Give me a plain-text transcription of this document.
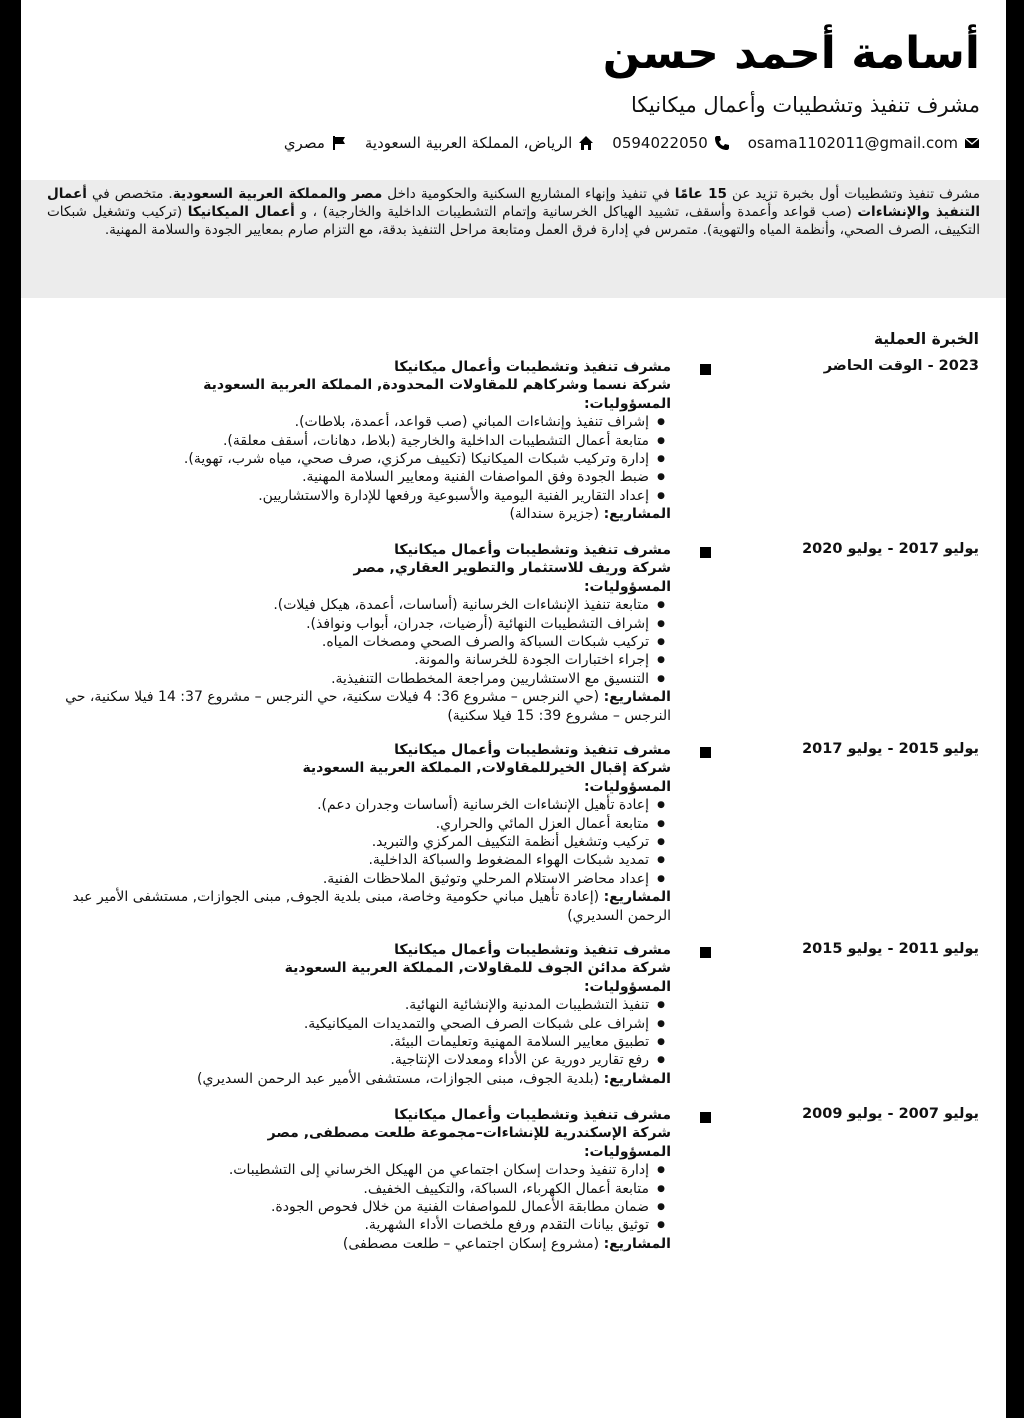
أسامة أحمد حسن
مشرف تنفيذ وتشطيبات وأعمال ميكانيكا
osama1102011@gmail.com
0594022050
الرياض، المملكة العربية السعودية
مصري
مشرف تنفيذ وتشطيبات أول بخبرة تزيد عن 15 عامًا في تنفيذ وإنهاء المشاريع السكنية والحكومية داخل مصر والمملكة العربية السعودية. متخصص في أعمال التنفيذ والإنشاءات (صب قواعد وأعمدة وأسقف، تشييد الهياكل الخرسانية وإتمام التشطيبات الداخلية والخارجية) ، و أعمال الميكانيكا (تركيب وتشغيل شبكات التكييف، الصرف الصحي، وأنظمة المياه والتهوية). متمرس في إدارة فرق العمل ومتابعة مراحل التنفيذ بدقة، مع التزام صارم بمعايير الجودة والسلامة المهنية.
الخبرة العملية
2023 - الوقت الحاضر
مشرف تنفيذ وتشطيبات وأعمال ميكانيكا
شركة نسما وشركاهم للمقاولات المحدودة, المملكة العربية السعودية
المسؤوليات:
● إشراف تنفيذ وإنشاءات المباني (صب قواعد، أعمدة، بلاطات).
● متابعة أعمال التشطيبات الداخلية والخارجية (بلاط، دهانات، أسقف معلقة).
● إدارة وتركيب شبكات الميكانيكا (تكييف مركزي، صرف صحي، مياه شرب، تهوية).
● ضبط الجودة وفق المواصفات الفنية ومعايير السلامة المهنية.
● إعداد التقارير الفنية اليومية والأسبوعية ورفعها للإدارة والاستشاريين.
المشاريع: (جزيرة سندالة)
يوليو 2017 - يوليو 2020
مشرف تنفيذ وتشطيبات وأعمال ميكانيكا
شركة وريف للاستثمار والتطوير العقاري, مصر
المسؤوليات:
● متابعة تنفيذ الإنشاءات الخرسانية (أساسات، أعمدة، هيكل فيلات).
● إشراف التشطيبات النهائية (أرضيات، جدران، أبواب ونوافذ).
● تركيب شبكات السباكة والصرف الصحي ومصخات المياه.
● إجراء اختبارات الجودة للخرسانة والمونة.
● التنسيق مع الاستشاريين ومراجعة المخططات التنفيذية.
المشاريع: (حي النرجس – مشروع 36: 4 فيلات سكنية، حي النرجس – مشروع 37: 14 فيلا سكنية، حي النرجس – مشروع 39: 15 فيلا سكنية)
يوليو 2015 - يوليو 2017
مشرف تنفيذ وتشطيبات وأعمال ميكانيكا
شركة إقبال الخيرللمقاولات, المملكة العربية السعودية
المسؤوليات:
● إعادة تأهيل الإنشاءات الخرسانية (أساسات وجدران دعم).
● متابعة أعمال العزل المائي والحراري.
● تركيب وتشغيل أنظمة التكييف المركزي والتبريد.
● تمديد شبكات الهواء المضغوط والسباكة الداخلية.
● إعداد محاضر الاستلام المرحلي وتوثيق الملاحظات الفنية.
المشاريع: (إعادة تأهيل مباني حكومية وخاصة، مبنى بلدية الجوف, مبنى الجوازات, مستشفى الأمير عبد الرحمن السديري)
يوليو 2011 - يوليو 2015
مشرف تنفيذ وتشطيبات وأعمال ميكانيكا
شركة مدائن الجوف للمقاولات, المملكة العربية السعودية
المسؤوليات:
● تنفيذ التشطيبات المدنية والإنشائية النهائية.
● إشراف على شبكات الصرف الصحي والتمديدات الميكانيكية.
● تطبيق معايير السلامة المهنية وتعليمات البيئة.
● رفع تقارير دورية عن الأداء ومعدلات الإنتاجية.
المشاريع: (بلدية الجوف، مبنى الجوازات، مستشفى الأمير عبد الرحمن السديري)
يوليو 2007 - يوليو 2009
مشرف تنفيذ وتشطيبات وأعمال ميكانيكا
شركة الإسكندرية للإنشاءات–مجموعة طلعت مصطفى, مصر
المسؤوليات:
● إدارة تنفيذ وحدات إسكان اجتماعي من الهيكل الخرساني إلى التشطيبات.
● متابعة أعمال الكهرباء، السباكة، والتكييف الخفيف.
● ضمان مطابقة الأعمال للمواصفات الفنية من خلال فحوص الجودة.
● توثيق بيانات التقدم ورفع ملخصات الأداء الشهرية.
المشاريع: (مشروع إسكان اجتماعي – طلعت مصطفى)
